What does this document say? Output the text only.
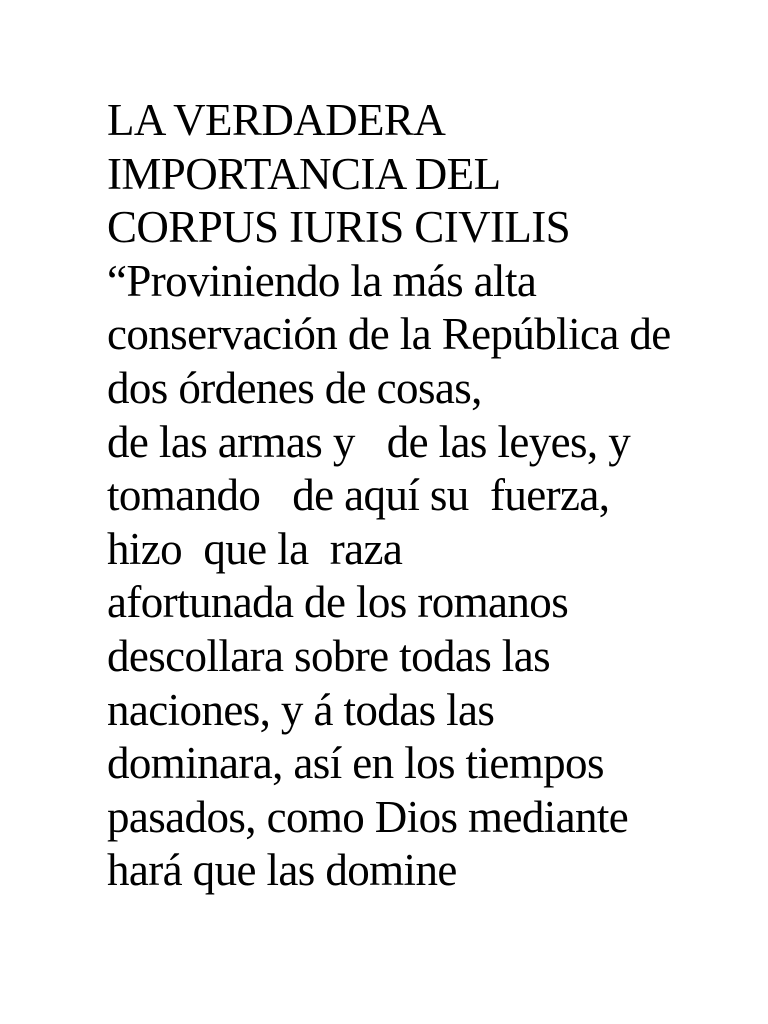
LA VERDADERA
IMPORTANCIA DEL
CORPUS IURIS CIVILIS
“Proviniendo la más alta
conservación de la República de
dos órdenes de cosas,
de las armas y   de las leyes, y
tomando   de aquí su  fuerza,
hizo  que la  raza
afortunada de los romanos
descollara sobre todas las
naciones, y á todas las
dominara, así en los tiempos
pasados, como Dios mediante
hará que las domine
